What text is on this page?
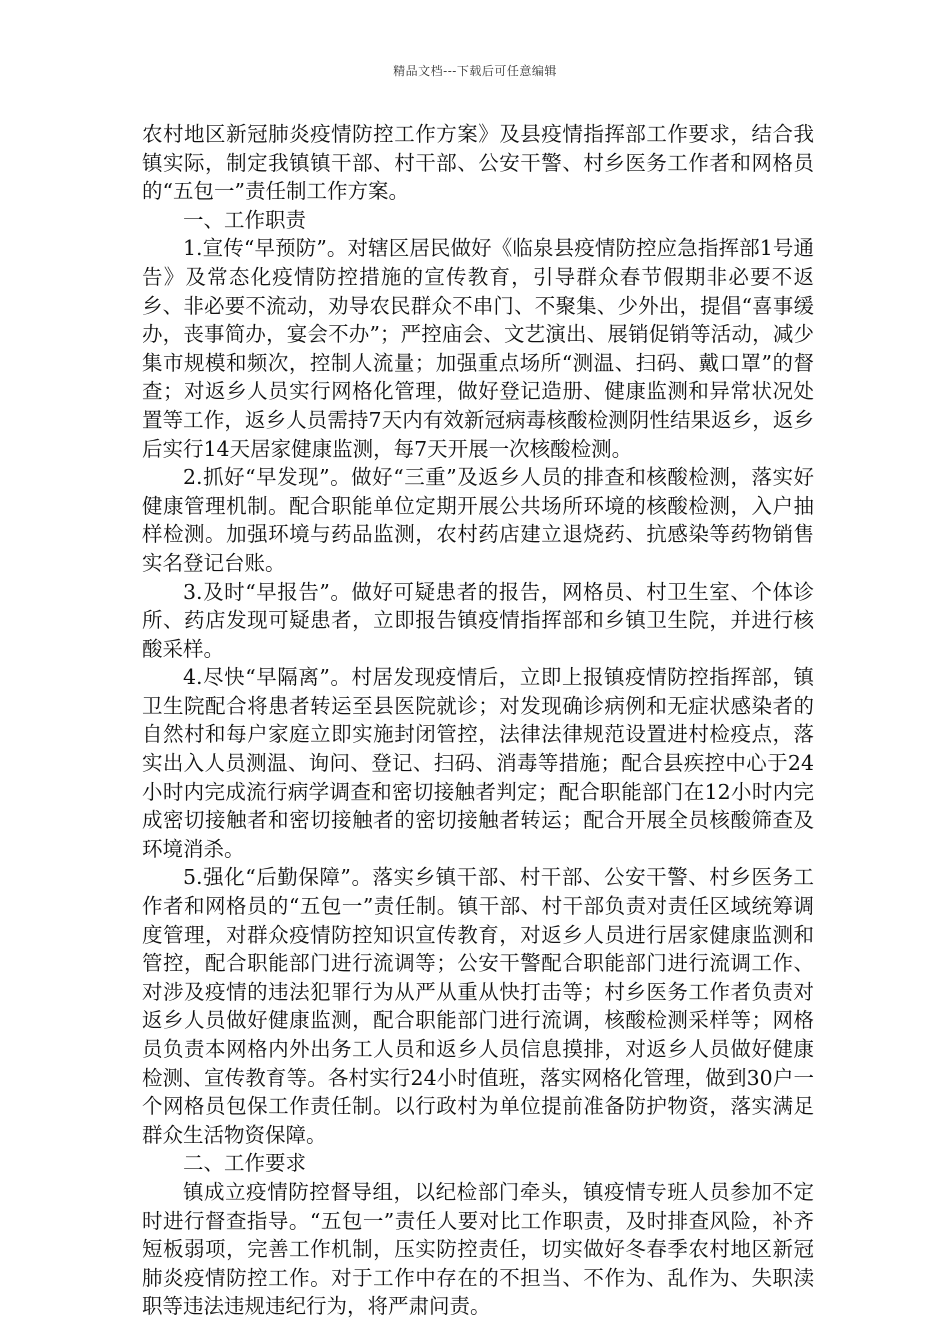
精品文档---下载后可任意编辑

农村地区新冠肺炎疫情防控工作方案》及县疫情指挥部工作要求，结合我镇实际，制定我镇镇干部、村干部、公安干警、村乡医务工作者和网格员的“五包一”责任制工作方案。

一、工作职责

1.宣传“早预防”。对辖区居民做好《临泉县疫情防控应急指挥部1号通告》及常态化疫情防控措施的宣传教育，引导群众春节假期非必要不返乡、非必要不流动，劝导农民群众不串门、不聚集、少外出，提倡“喜事缓办，丧事简办，宴会不办”；严控庙会、文艺演出、展销促销等活动，减少集市规模和频次，控制人流量；加强重点场所“测温、扫码、戴口罩”的督查；对返乡人员实行网格化管理，做好登记造册、健康监测和异常状况处置等工作，返乡人员需持7天内有效新冠病毒核酸检测阴性结果返乡，返乡后实行14天居家健康监测，每7天开展一次核酸检测。

2.抓好“早发现”。做好“三重”及返乡人员的排查和核酸检测，落实好健康管理机制。配合职能单位定期开展公共场所环境的核酸检测，入户抽样检测。加强环境与药品监测，农村药店建立退烧药、抗感染等药物销售实名登记台账。

3.及时“早报告”。做好可疑患者的报告，网格员、村卫生室、个体诊所、药店发现可疑患者，立即报告镇疫情指挥部和乡镇卫生院，并进行核酸采样。

4.尽快“早隔离”。村居发现疫情后，立即上报镇疫情防控指挥部，镇卫生院配合将患者转运至县医院就诊；对发现确诊病例和无症状感染者的自然村和每户家庭立即实施封闭管控，法律法律规范设置进村检疫点，落实出入人员测温、询问、登记、扫码、消毒等措施；配合县疾控中心于24小时内完成流行病学调查和密切接触者判定；配合职能部门在12小时内完成密切接触者和密切接触者的密切接触者转运；配合开展全员核酸筛查及环境消杀。

5.强化“后勤保障”。落实乡镇干部、村干部、公安干警、村乡医务工作者和网格员的“五包一”责任制。镇干部、村干部负责对责任区域统筹调度管理，对群众疫情防控知识宣传教育，对返乡人员进行居家健康监测和管控，配合职能部门进行流调等；公安干警配合职能部门进行流调工作、对涉及疫情的违法犯罪行为从严从重从快打击等；村乡医务工作者负责对返乡人员做好健康监测，配合职能部门进行流调，核酸检测采样等；网格员负责本网格内外出务工人员和返乡人员信息摸排，对返乡人员做好健康检测、宣传教育等。各村实行24小时值班，落实网格化管理，做到30户一个网格员包保工作责任制。以行政村为单位提前准备防护物资，落实满足群众生活物资保障。

二、工作要求

镇成立疫情防控督导组，以纪检部门牵头，镇疫情专班人员参加不定时进行督查指导。“五包一”责任人要对比工作职责，及时排查风险，补齐短板弱项，完善工作机制，压实防控责任，切实做好冬春季农村地区新冠肺炎疫情防控工作。对于工作中存在的不担当、不作为、乱作为、失职渎职等违法违规违纪行为，将严肃问责。
